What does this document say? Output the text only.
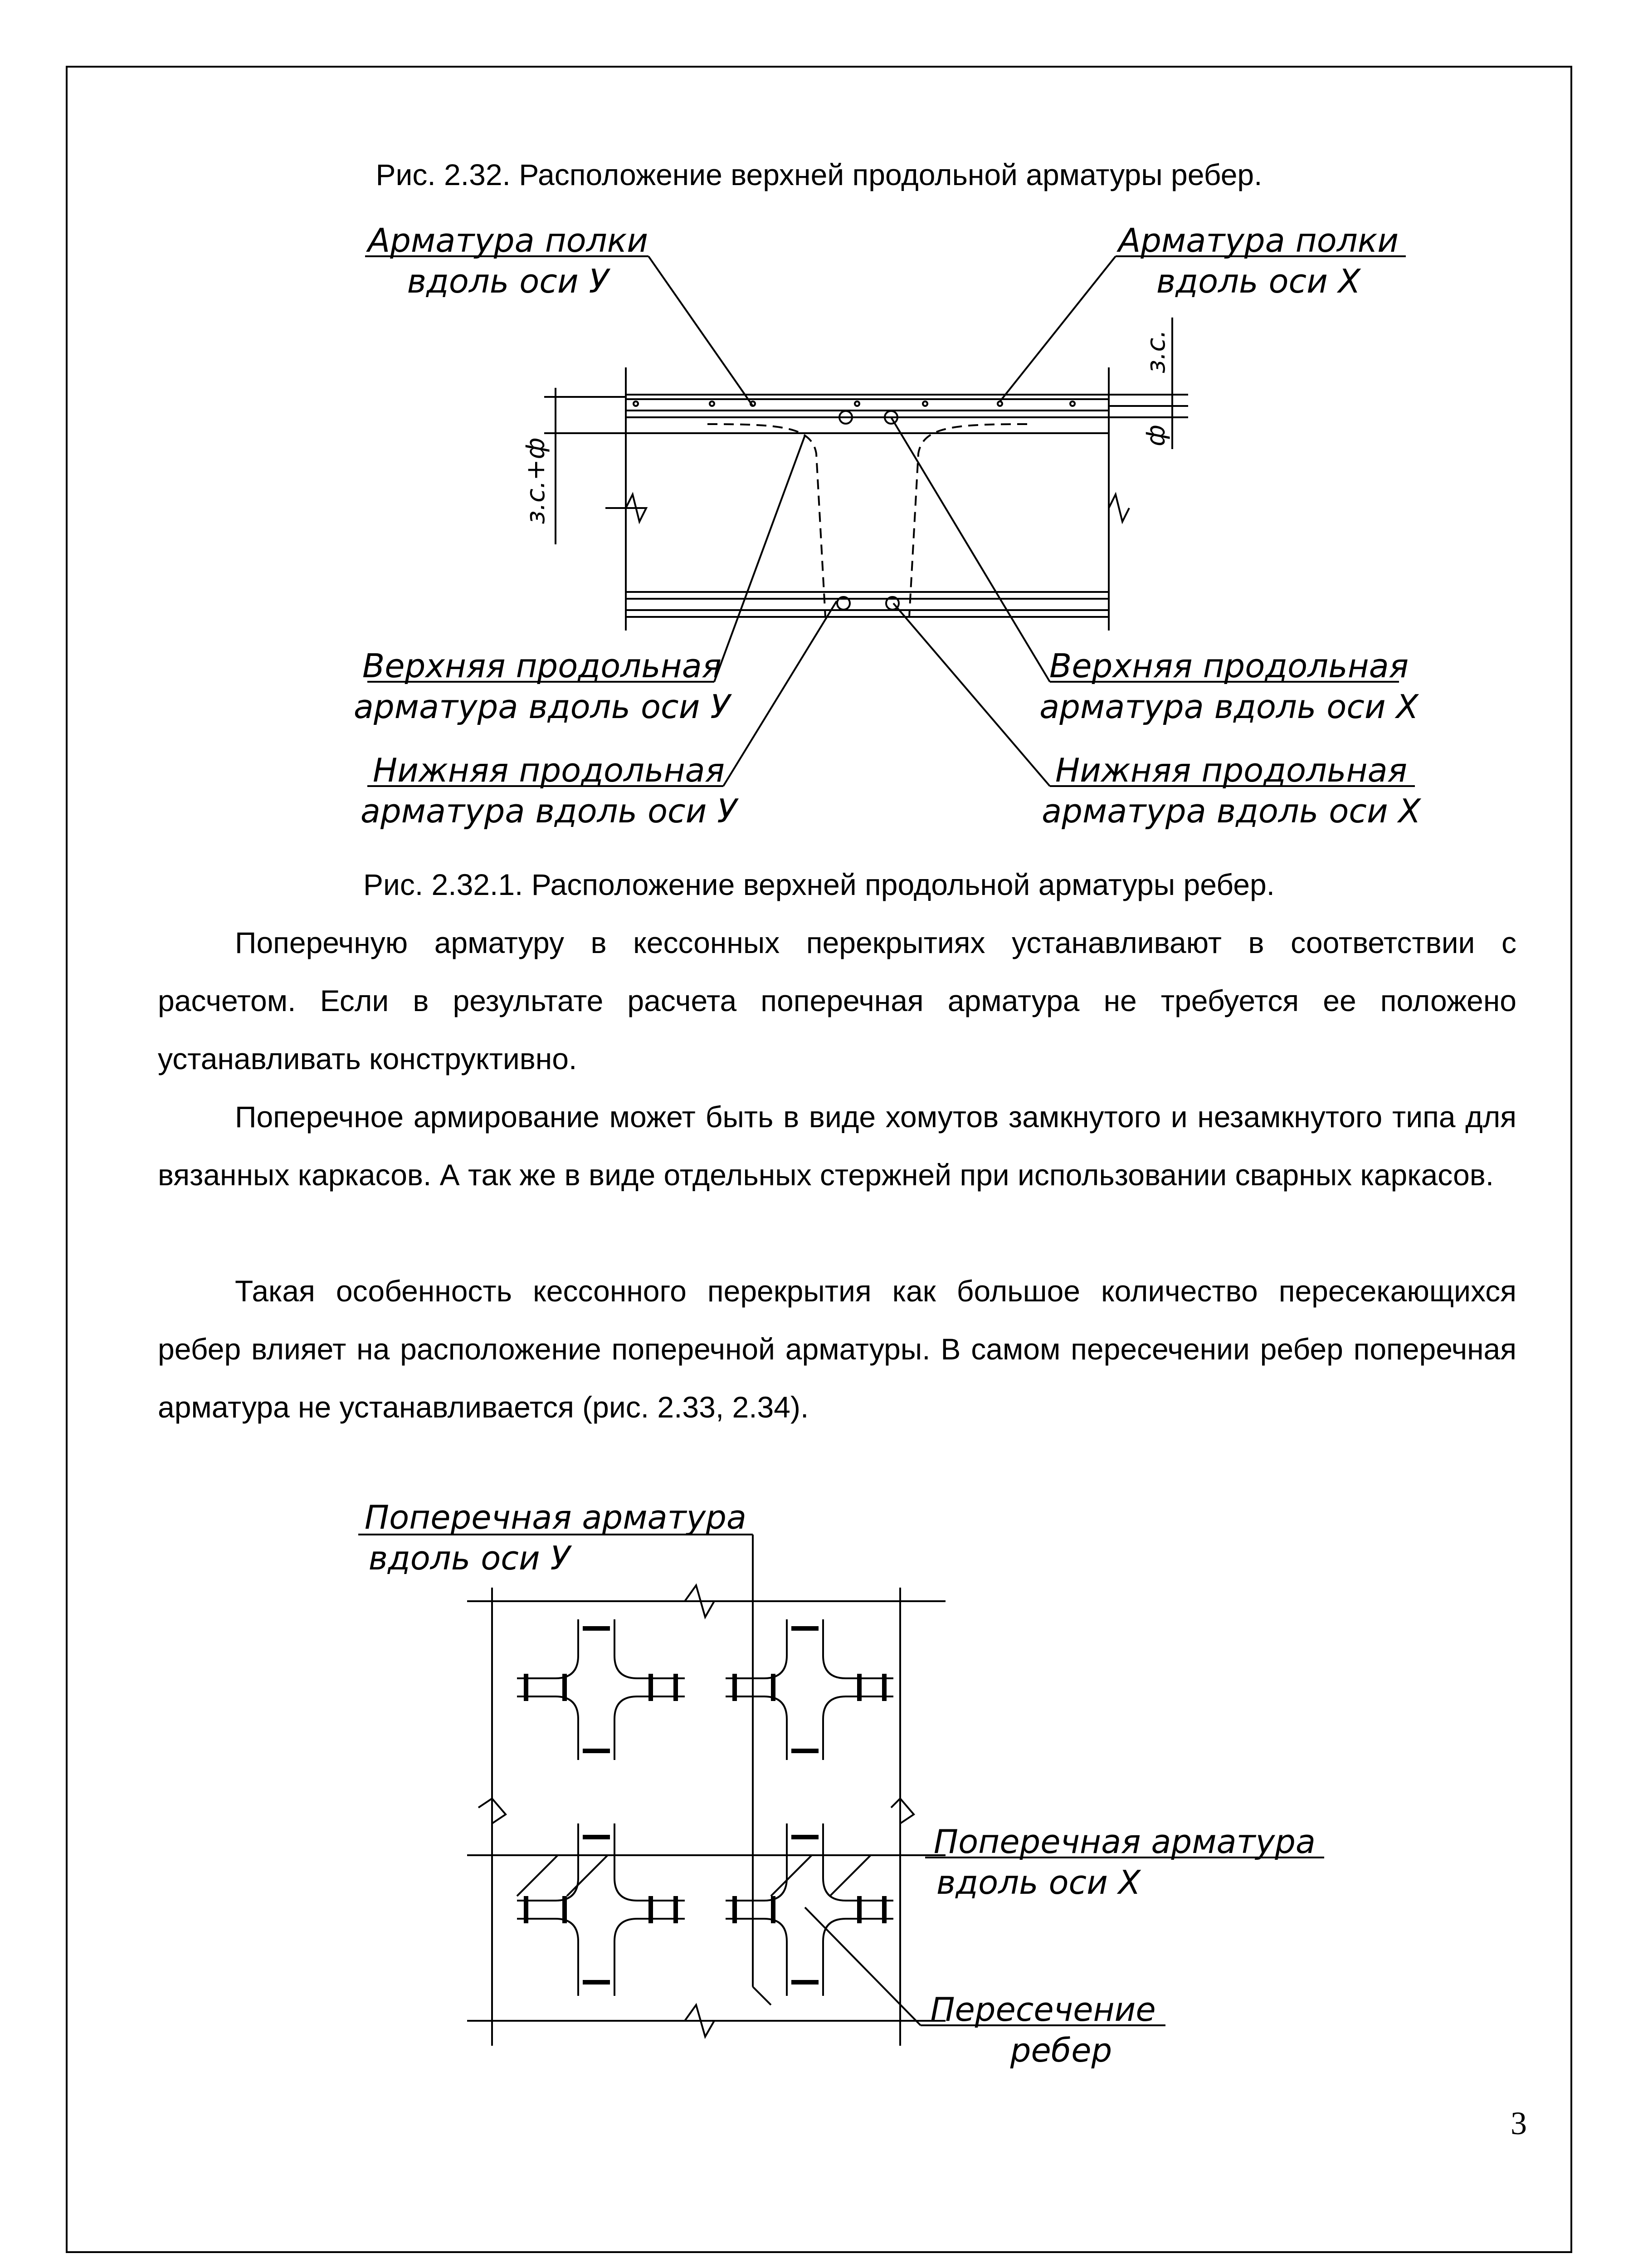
Рис. 2.32. Расположение верхней продольной арматуры ребер.
Арматура полки
вдоль оси У
Арматура полки
вдоль оси Х
Верхняя продольная
арматура вдоль оси У
Верхняя продольная
арматура вдоль оси Х
Нижняя продольная
арматура вдоль оси У
Нижняя продольная
арматура вдоль оси Х
з.с.+ф
з.с.
ф
Рис. 2.32.1. Расположение верхней продольной арматуры ребер.

Поперечную арматуру в кессонных перекрытиях устанавливают в соответствии с расчетом. Если в результате расчета поперечная арматура не требуется ее положено устанавливать конструктивно.

Поперечное армирование может быть в виде хомутов замкнутого и незамкнутого типа для вязанных каркасов. А так же в виде отдельных стержней при использовании сварных каркасов.

Такая особенность кессонного перекрытия как большое количество пересекающихся ребер влияет на расположение поперечной арматуры. В самом пересечении ребер поперечная арматура не устанавливается (рис. 2.33, 2.34).

Поперечная арматура
вдоль оси У
Поперечная арматура
вдоль оси Х
Пересечение
ребер
3
